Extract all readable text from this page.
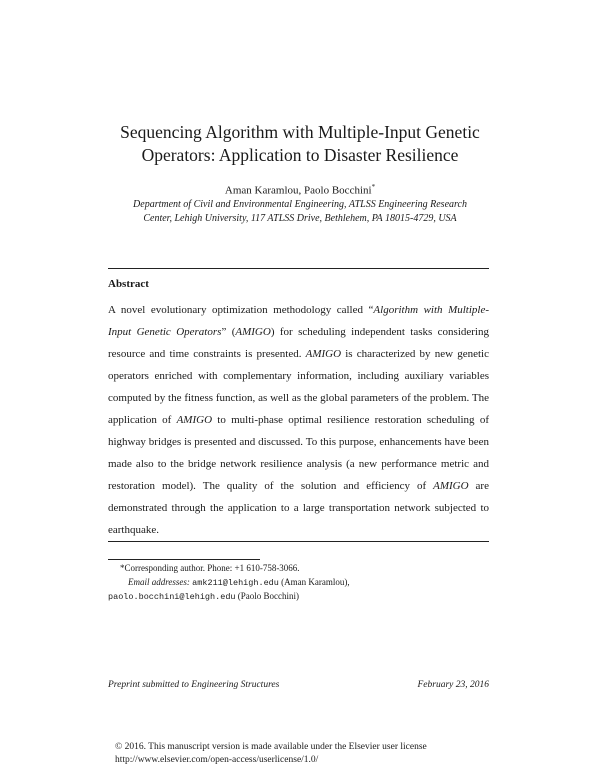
Sequencing Algorithm with Multiple-Input Genetic
Operators: Application to Disaster Resilience
Aman Karamlou, Paolo Bocchini*
Department of Civil and Environmental Engineering, ATLSS Engineering Research
Center, Lehigh University, 117 ATLSS Drive, Bethlehem, PA 18015-4729, USA
Abstract
A novel evolutionary optimization methodology called “Algorithm with Multiple-Input Genetic Operators” (AMIGO) for scheduling independent tasks considering resource and time constraints is presented. AMIGO is characterized by new genetic operators enriched with complementary information, including auxiliary variables computed by the fitness function, as well as the global parameters of the problem. The application of AMIGO to multi-phase optimal resilience restoration scheduling of highway bridges is presented and discussed. To this purpose, enhancements have been made also to the bridge network resilience analysis (a new performance metric and restoration model). The quality of the solution and efficiency of AMIGO are demonstrated through the application to a large transportation network subjected to earthquake.
*Corresponding author. Phone: +1 610-758-3066.
Email addresses: amk211@lehigh.edu (Aman Karamlou),
paolo.bocchini@lehigh.edu (Paolo Bocchini)
Preprint submitted to Engineering Structures	February 23, 2016
© 2016. This manuscript version is made available under the Elsevier user license
http://www.elsevier.com/open-access/userlicense/1.0/
